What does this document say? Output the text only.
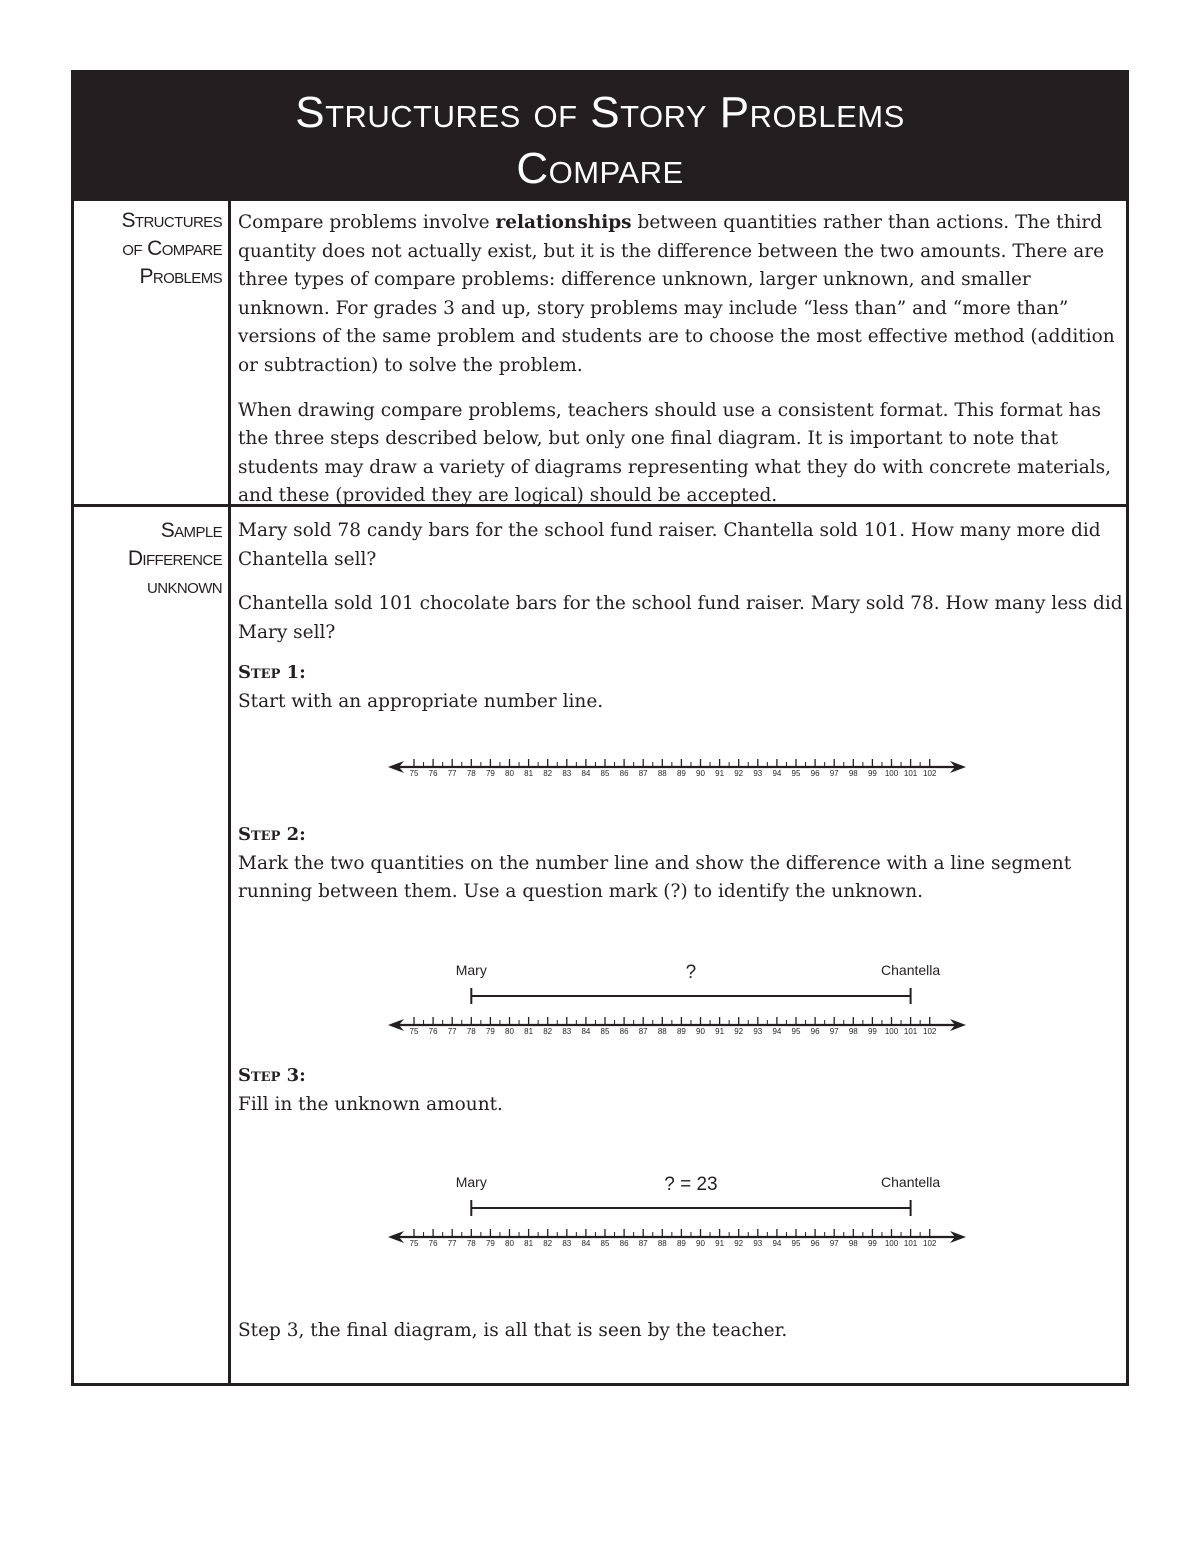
Structures of Story Problems
Compare
Structures
of Compare
Problems

Compare problems involve relationships between quantities rather than actions. The third quantity does not actually exist, but it is the difference between the two amounts. There are three types of compare problems: difference unknown, larger unknown, and smaller unknown. For grades 3 and up, story problems may include “less than” and “more than” versions of the same problem and students are to choose the most effective method (addition or subtraction) to solve the problem.

When drawing compare problems, teachers should use a consistent format. This format has the three steps described below, but only one final diagram. It is important to note that students may draw a variety of diagrams representing what they do with concrete materials, and these (provided they are logical) should be accepted.

Sample
Difference
unknown

Mary sold 78 candy bars for the school fund raiser. Chantella sold 101. How many more did Chantella sell?

Chantella sold 101 chocolate bars for the school fund raiser. Mary sold 78. How many less did Mary sell?

Step 1:
Start with an appropriate number line.
Step 2:
Mark the two quantities on the number line and show the difference with a line segment running between them. Use a question mark (?) to identify the unknown.
Step 3:
Fill in the unknown amount.
Step 3, the final diagram, is all that is seen by the teacher.
75 76 77 78 79 80 81 82 83 84 85 86 87 88 89 90 91 92 93 94 95 96 97 98 99 100 101 102
75 76 77 78 79 80 81 82 83 84 85 86 87 88 89 90 91 92 93 94 95 96 97 98 99 100 101 102
Mary	Chantella
?
75 76 77 78 79 80 81 82 83 84 85 86 87 88 89 90 91 92 93 94 95 96 97 98 99 100 101 102
Mary	Chantella
? = 23
